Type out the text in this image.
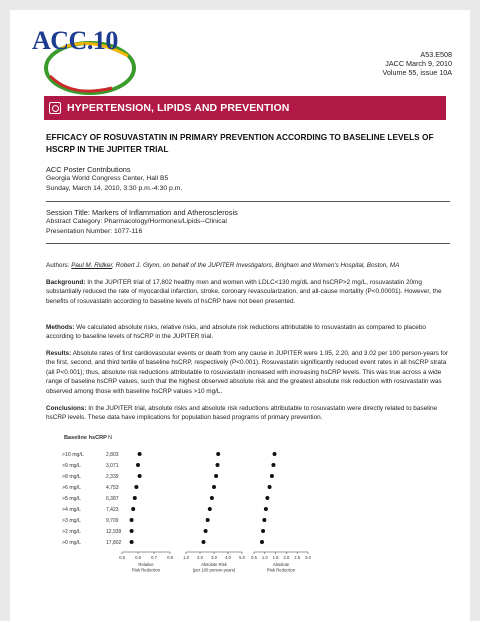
ACC.10	A53.E508
JACC March 9, 2010
Volume 55, issue 10A
HYPERTENSION, LIPIDS AND PREVENTION
EFFICACY OF ROSUVASTATIN IN PRIMARY PREVENTION ACCORDING TO BASELINE LEVELS OF HSCRP IN THE JUPITER TRIAL
ACC Poster Contributions
Georgia World Congress Center, Hall B5
Sunday, March 14, 2010, 3:30 p.m.-4:30 p.m.
Session Title: Markers of Inflammation and Atherosclerosis
Abstract Category: Pharmacology/Hormones/Lipids--Clinical
Presentation Number: 1077-116
Authors: Paul M. Ridker, Robert J. Glynn, on behalf of the JUPITER Investigators, Brigham and Women's Hospital, Boston, MA
Background: In the JUPITER trial of 17,802 healthy men and women with LDLC<130 mg/dL and hsCRP>2 mg/L, rosuvastatin 20mg substantially reduced the rate of myocardial infarction, stroke, coronary revascularization, and all-cause mortality (P<0.00001). However, the benefits of rosuvastatin according to baseline levels of hsCRP have not been presented.
Methods: We calculated absolute risks, relative risks, and absolute risk reductions attributable to rosuvastatin as compared to placebo according to baseline levels of hsCRP in the JUPITER trial.
Results: Absolute rates of first cardiovascular events or death from any cause in JUPITER were 1.95, 2.20, and 3.02 per 100 person-years for the first, second, and third tertile of baseline hsCRP, respectively (P<0.001). Rosuvastatin significantly reduced event rates in all hsCRP strata (all P<0.001); thus, absolute risk reductions attributable to rosuvastatin increased with increasing hsCRP levels. This was true across a wide range of baseline hsCRP values, such that the highest observed absolute risk and the greatest absolute risk reduction with rosuvastatin was observed among those with baseline hsCRP values >10 mg/L.
Conclusions: In the JUPITER trial, absolute risks and absolute risk reductions attributable to rosuvastatin were directly related to baseline hsCRP levels. These data have implications for population based programs of primary prevention.
Baseline hsCRP N
>10 mg/L	2,803
>9 mg/L	3,071
>8 mg/L	2,339
>6 mg/L	4,753
>5 mg/L	6,387
>4 mg/L	7,423
>3 mg/L	9,709
>2 mg/L	12,939
>0 mg/L	17,802
0.5 0.6 0.7 0.8
Relative
Risk Reduction
1.0 2.0 3.0 4.0 5.0
Absolute Risk
(per 100 person-years)
0.5 1.0 1.5 2.0 2.5 3.0
Absolute
Risk Reduction
